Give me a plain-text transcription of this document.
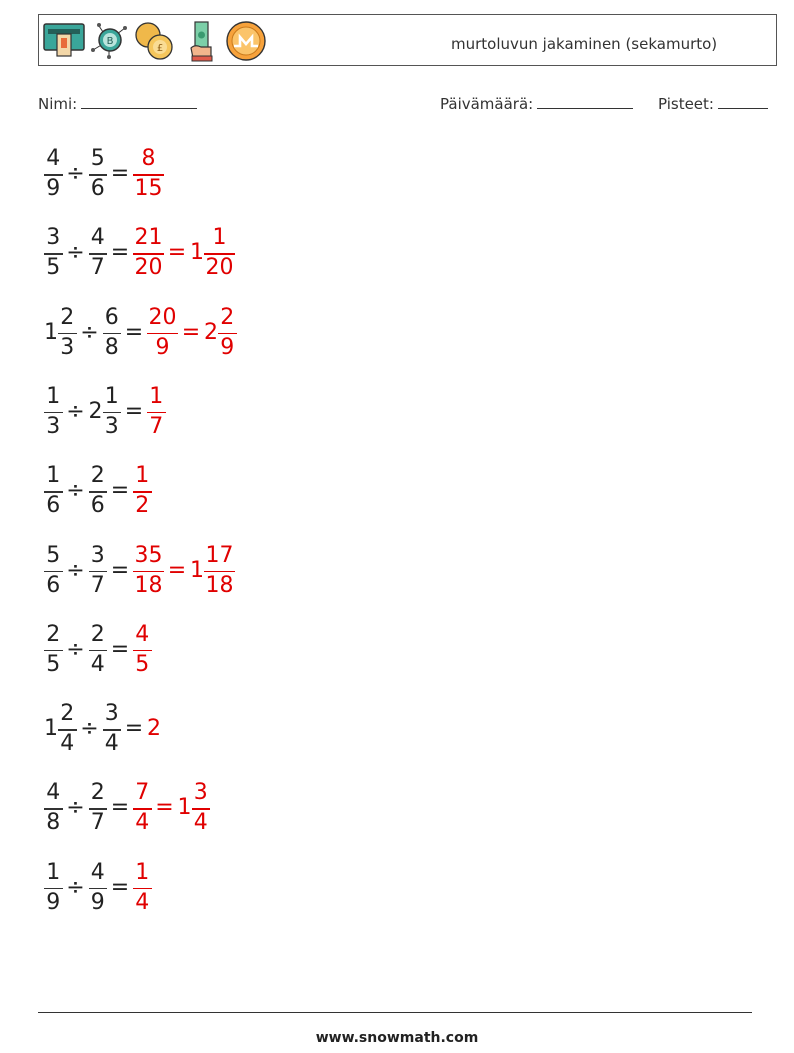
B
£	murtoluvun jakaminen (sekamurto)
Nimi:	Päivämäärä:	Pisteet:
4
9
÷
5
6
=
8
15
3
5
÷
4
7
=
21
20
= 1
1
20
1
2
3
÷
6
8
=
20
9
= 2
2
9
1
3
÷ 2
1
3
=
1
7
1
6
÷
2
6
=
1
2
5
6
÷
3
7
=
35
18
= 1
17
18
2
5
÷
2
4
=
4
5
1
2
4
÷
3
4
= 2
4
8
÷
2
7
=
7
4
= 1
3
4
1
9
÷
4
9
=
1
4
www.snowmath.com
